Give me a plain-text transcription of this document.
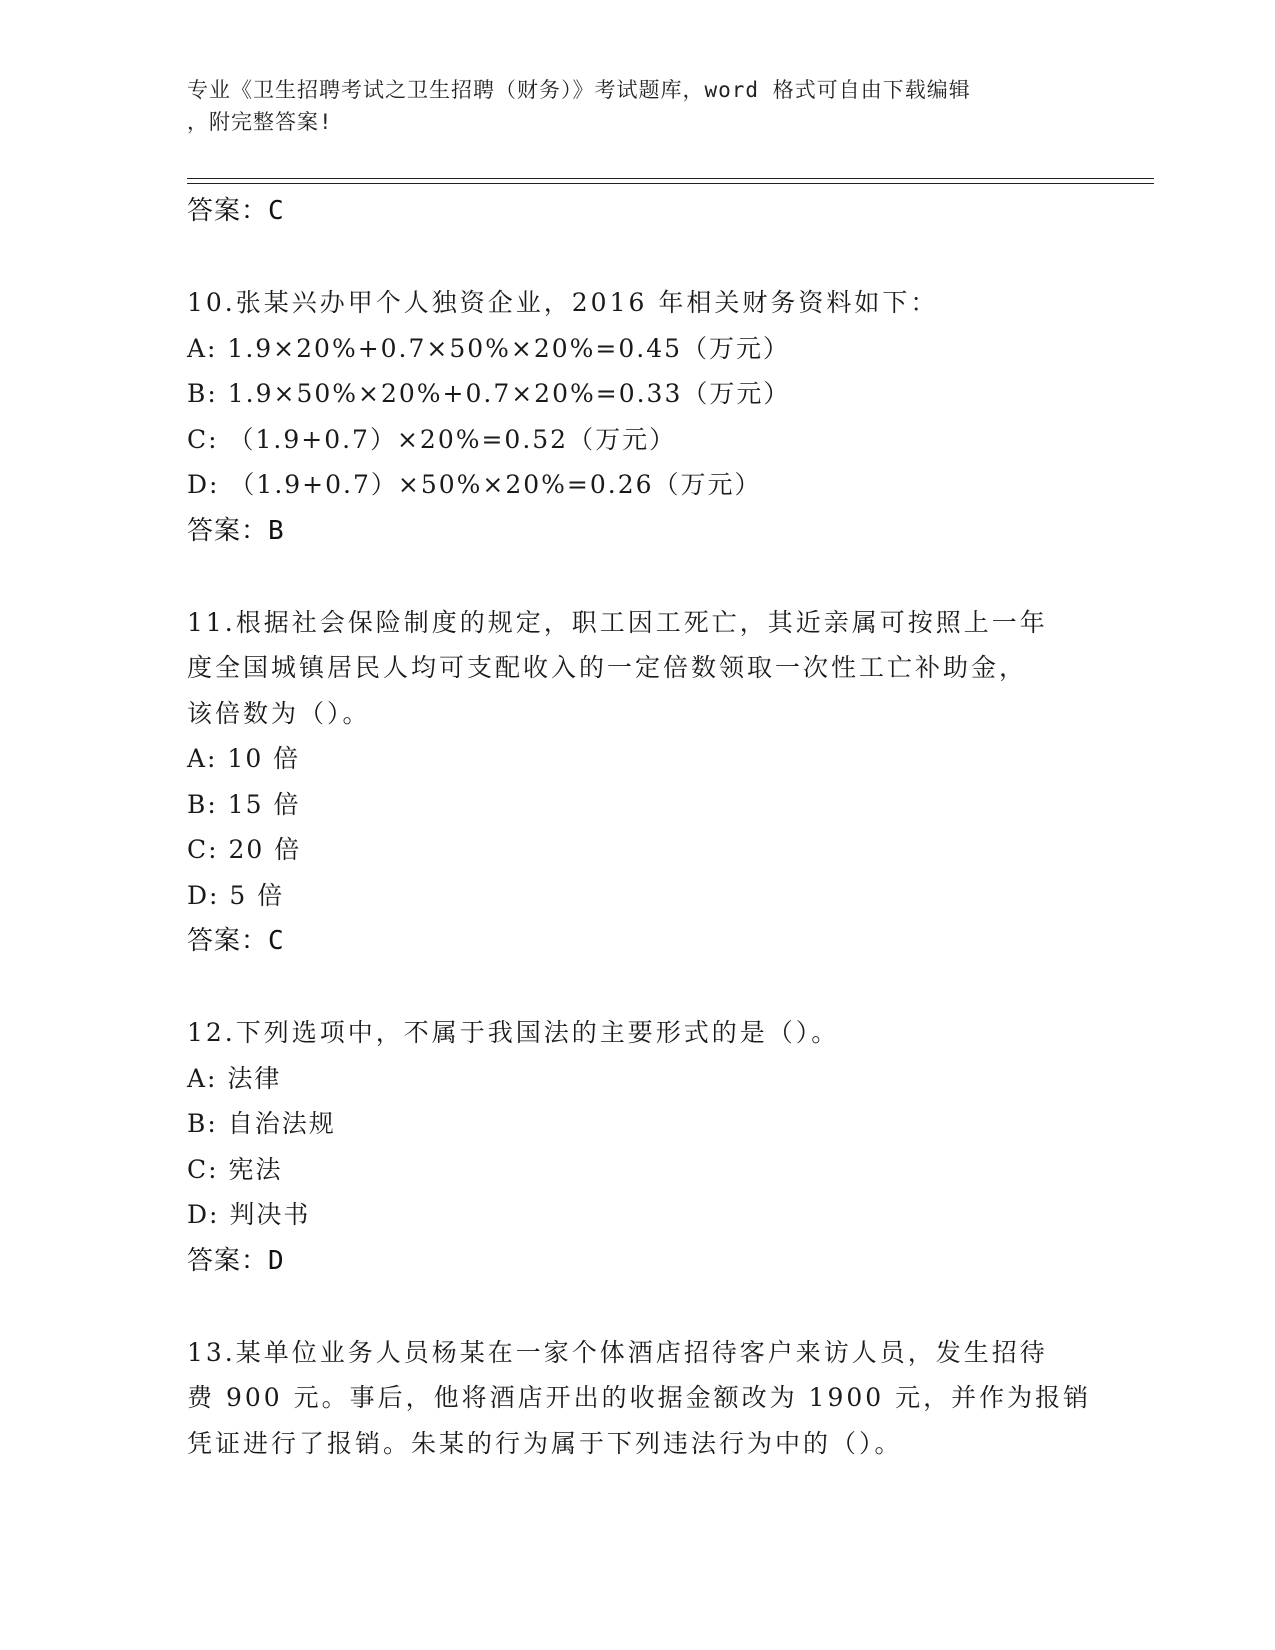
专业《卫生招聘考试之卫生招聘（财务）》考试题库，word 格式可自由下载编辑
，附完整答案!
答案：C
10.张某兴办甲个人独资企业，2016 年相关财务资料如下：
A: 1.9×20%+0.7×50%×20%=0.45（万元）
B: 1.9×50%×20%+0.7×20%=0.33（万元）
C: （1.9+0.7）×20%=0.52（万元）
D: （1.9+0.7）×50%×20%=0.26（万元）
答案：B
11.根据社会保险制度的规定，职工因工死亡，其近亲属可按照上一年
度全国城镇居民人均可支配收入的一定倍数领取一次性工亡补助金，
该倍数为（）。
A: 10 倍
B: 15 倍
C: 20 倍
D: 5 倍
答案：C
12.下列选项中，不属于我国法的主要形式的是（）。
A: 法律
B: 自治法规
C: 宪法
D: 判决书
答案：D
13.某单位业务人员杨某在一家个体酒店招待客户来访人员，发生招待
费 900 元。事后，他将酒店开出的收据金额改为 1900 元，并作为报销
凭证进行了报销。朱某的行为属于下列违法行为中的（）。
